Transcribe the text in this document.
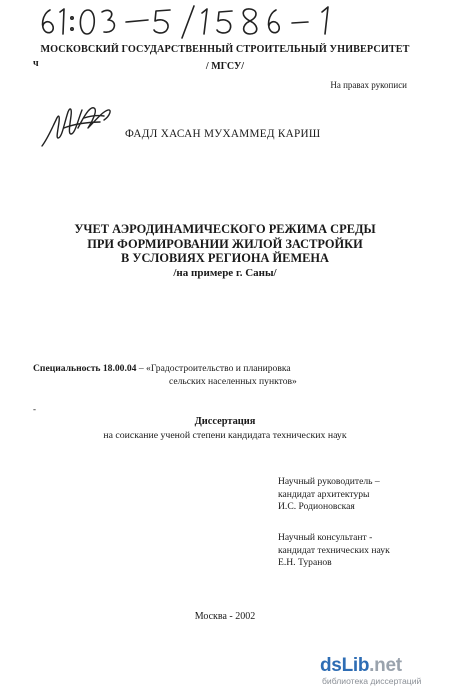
МОСКОВСКИЙ ГОСУДАРСТВЕННЫЙ СТРОИТЕЛЬНЫЙ УНИВЕРСИТЕТ
ч	/ МГСУ/
На правах рукописи
ФАДЛ ХАСАН МУХАММЕД КАРИШ
УЧЕТ АЭРОДИНАМИЧЕСКОГО РЕЖИМА СРЕДЫ
ПРИ ФОРМИРОВАНИИ ЖИЛОЙ ЗАСТРОЙКИ
В УСЛОВИЯХ РЕГИОНА ЙЕМЕНА
/на примере г. Саны/
Специальность 18.00.04 – «Градостроительство и планировка
сельских населенных пунктов»
-
Диссертация
на соискание ученой степени кандидата технических наук
Научный руководитель –
кандидат архитектуры
И.С. Родионовская
Научный консультант -
кандидат технических наук
Е.Н. Туранов
Москва - 2002
dsLib.net
библиотека диссертаций
